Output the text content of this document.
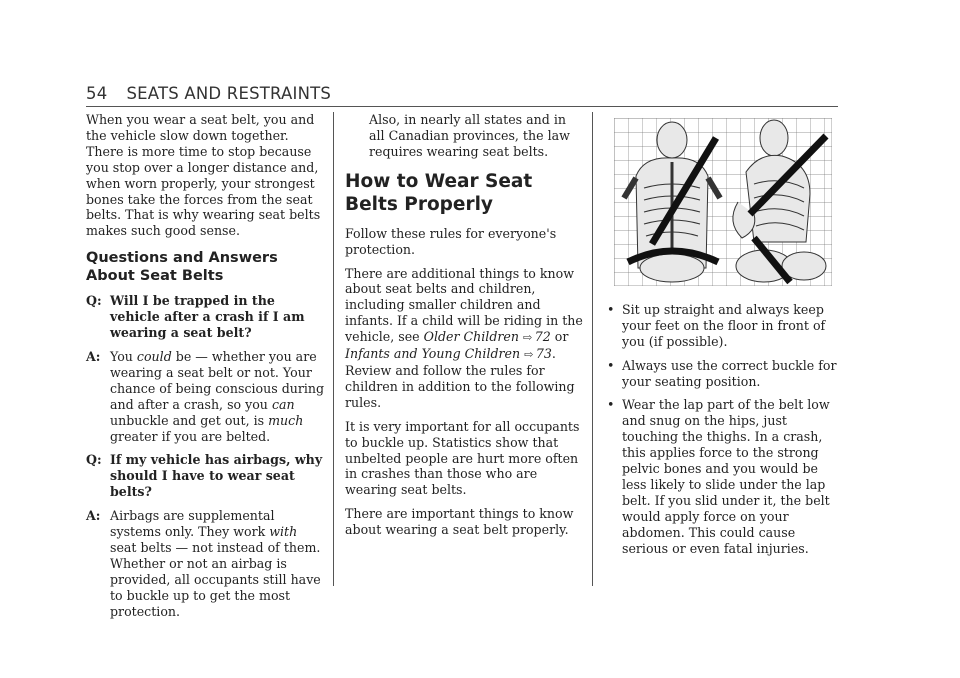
54 SEATS AND RESTRAINTS

When you wear a seat belt, you and the vehicle slow down together. There is more time to stop because you stop over a longer distance and, when worn properly, your strongest bones take the forces from the seat belts. That is why wearing seat belts makes such good sense.

Questions and Answers About Seat Belts

Q: Will I be trapped in the vehicle after a crash if I am wearing a seat belt?

A: You could be — whether you are wearing a seat belt or not. Your chance of being conscious during and after a crash, so you can unbuckle and get out, is much greater if you are belted.

Q: If my vehicle has airbags, why should I have to wear seat belts?

A: Airbags are supplemental systems only. They work with seat belts — not instead of them. Whether or not an airbag is provided, all occupants still have to buckle up to get the most protection.

Also, in nearly all states and in all Canadian provinces, the law requires wearing seat belts.

How to Wear Seat Belts Properly

Follow these rules for everyone's protection.

There are additional things to know about seat belts and children, including smaller children and infants. If a child will be riding in the vehicle, see Older Children ⇨  72 or
Infants and Young Children ⇨  73. Review and follow the rules for children in addition to the following rules.

It is very important for all occupants to buckle up. Statistics show that unbelted people are hurt more often in crashes than those who are wearing seat belts.

There are important things to know about wearing a seat belt properly.

• Sit up straight and always keep your feet on the floor in front of you (if possible).
• Always use the correct buckle for your seating position.
• Wear the lap part of the belt low and snug on the hips, just touching the thighs. In a crash, this applies force to the strong pelvic bones and you would be less likely to slide under the lap belt. If you slid under it, the belt would apply force on your abdomen. This could cause serious or even fatal injuries.
